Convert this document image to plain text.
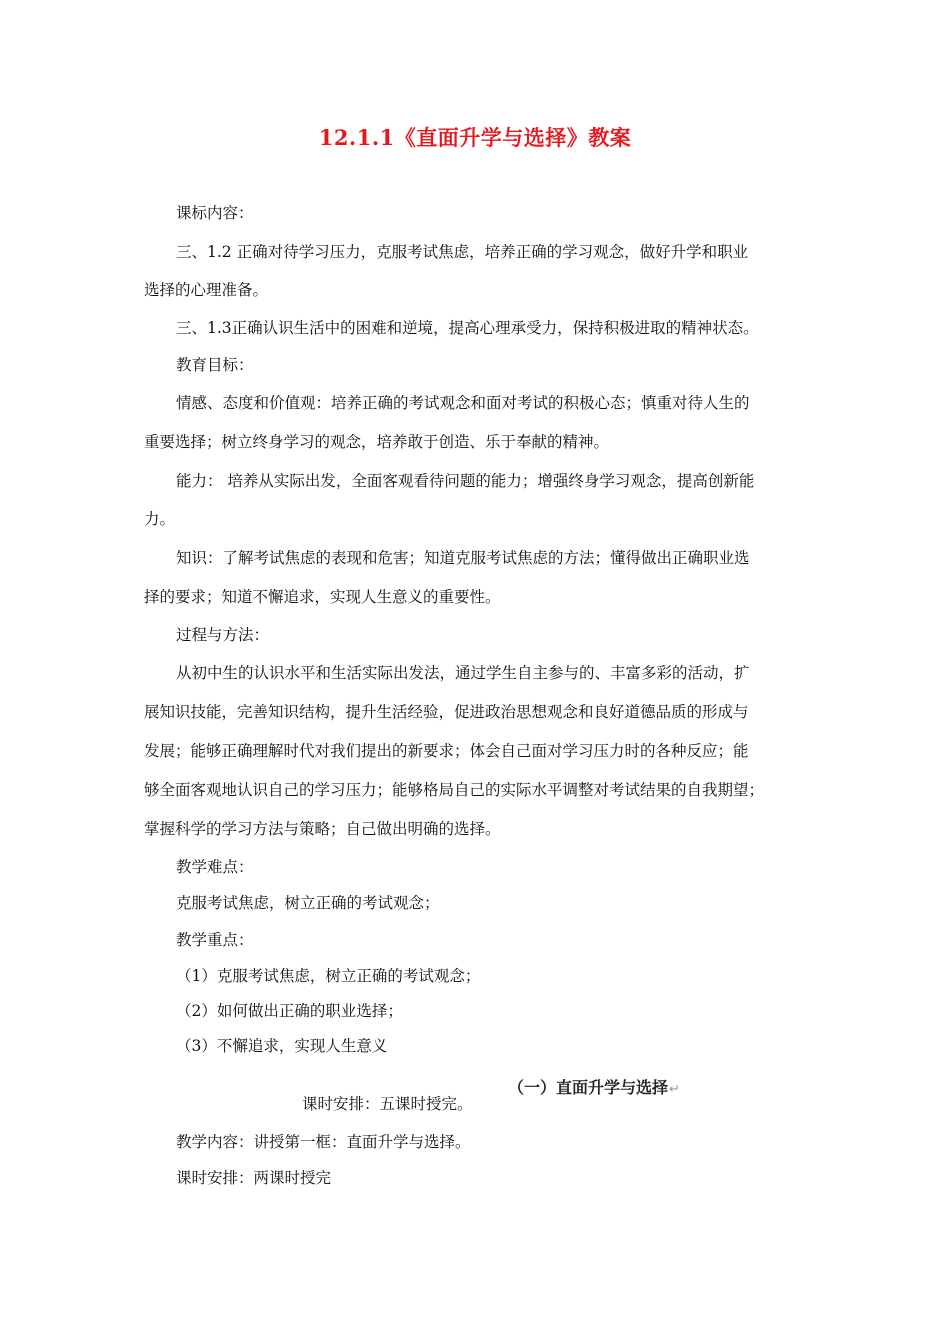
12.1.1《直面升学与选择》教案
课标内容：
三、1.2 正确对待学习压力，克服考试焦虑，培养正确的学习观念，做好升学和职业
选择的心理准备。
三、1.3正确认识生活中的困难和逆境，提高心理承受力，保持积极进取的精神状态。
教育目标：
情感、态度和价值观：培养正确的考试观念和面对考试的积极心态；慎重对待人生的
重要选择；树立终身学习的观念，培养敢于创造、乐于奉献的精神。
能力： 培养从实际出发，全面客观看待问题的能力；增强终身学习观念，提高创新能
力。
知识：了解考试焦虑的表现和危害；知道克服考试焦虑的方法；懂得做出正确职业选
择的要求；知道不懈追求，实现人生意义的重要性。
过程与方法：
从初中生的认识水平和生活实际出发法，通过学生自主参与的、丰富多彩的活动，扩
展知识技能，完善知识结构，提升生活经验，促进政治思想观念和良好道德品质的形成与
发展；能够正确理解时代对我们提出的新要求；体会自己面对学习压力时的各种反应；能
够全面客观地认识自己的学习压力；能够格局自己的实际水平调整对考试结果的自我期望；
掌握科学的学习方法与策略；自己做出明确的选择。
教学难点：
克服考试焦虑，树立正确的考试观念；
教学重点：
（1）克服考试焦虑，树立正确的考试观念；
（2）如何做出正确的职业选择；
（3）不懈追求，实现人生意义
课时安排：五课时授完。
（一）直面升学与选择↵
教学内容：讲授第一框：直面升学与选择。
课时安排：两课时授完
